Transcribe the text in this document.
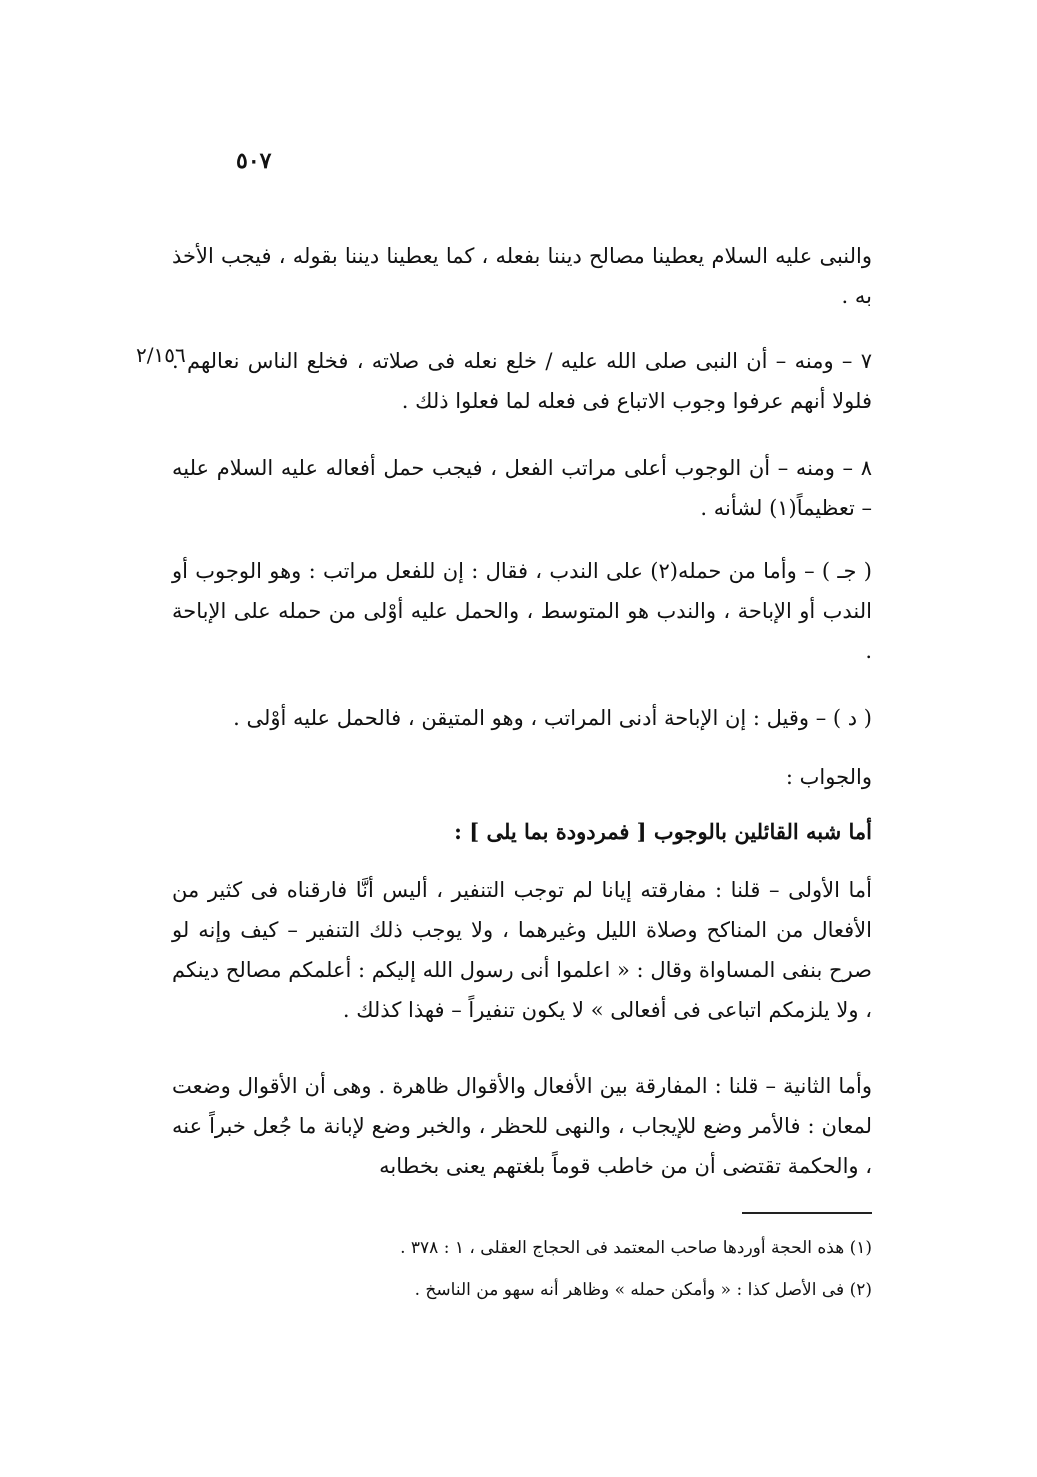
٥٠٧
٢/١٥٦

والنبى عليه السلام يعطينا مصالح ديننا بفعله ، كما يعطينا ديننا بقوله ، فيجب الأخذ به .

٧ – ومنه – أن النبى صلى الله عليه / خلع نعله فى صلاته ، فخلع الناس نعالهم . فلولا أنهم عرفوا وجوب الاتباع فى فعله لما فعلوا ذلك .

٨ – ومنه – أن الوجوب أعلى مراتب الفعل ، فيجب حمل أفعاله عليه السلام عليه – تعظيماً(١) لشأنه .

( جـ ) – وأما من حمله(٢) على الندب ، فقال : إن للفعل مراتب : وهو الوجوب أو الندب أو الإباحة ، والندب هو المتوسط ، والحمل عليه أوْلى من حمله على الإباحة .

( د ) – وقيل : إن الإباحة أدنى المراتب ، وهو المتيقن ، فالحمل عليه أوْلى .

والجواب :

أما شبه القائلين بالوجوب [ فمردودة بما يلى ] :

أما الأولى – قلنا : مفارقته إيانا لم توجب التنفير ، أليس أنَّا فارقناه فى كثير من الأفعال من المناكح وصلاة الليل وغيرهما ، ولا يوجب ذلك التنفير – كيف وإنه لو صرح بنفى المساواة وقال : « اعلموا أنى رسول الله إليكم : أعلمكم مصالح دينكم ، ولا يلزمكم اتباعى فى أفعالى » لا يكون تنفيراً – فهذا كذلك .

وأما الثانية – قلنا : المفارقة بين الأفعال والأقوال ظاهرة . وهى أن الأقوال وضعت لمعان : فالأمر وضع للإيجاب ، والنهى للحظر ، والخبر وضع لإبانة ما جُعل خبراً عنه ، والحكمة تقتضى أن من خاطب قوماً بلغتهم يعنى بخطابه

(١) هذه الحجة أوردها صاحب المعتمد فى الحجاج العقلى ، ١ : ٣٧٨ .
(٢) فى الأصل كذا : « وأمكن حمله » وظاهر أنه سهو من الناسخ .
